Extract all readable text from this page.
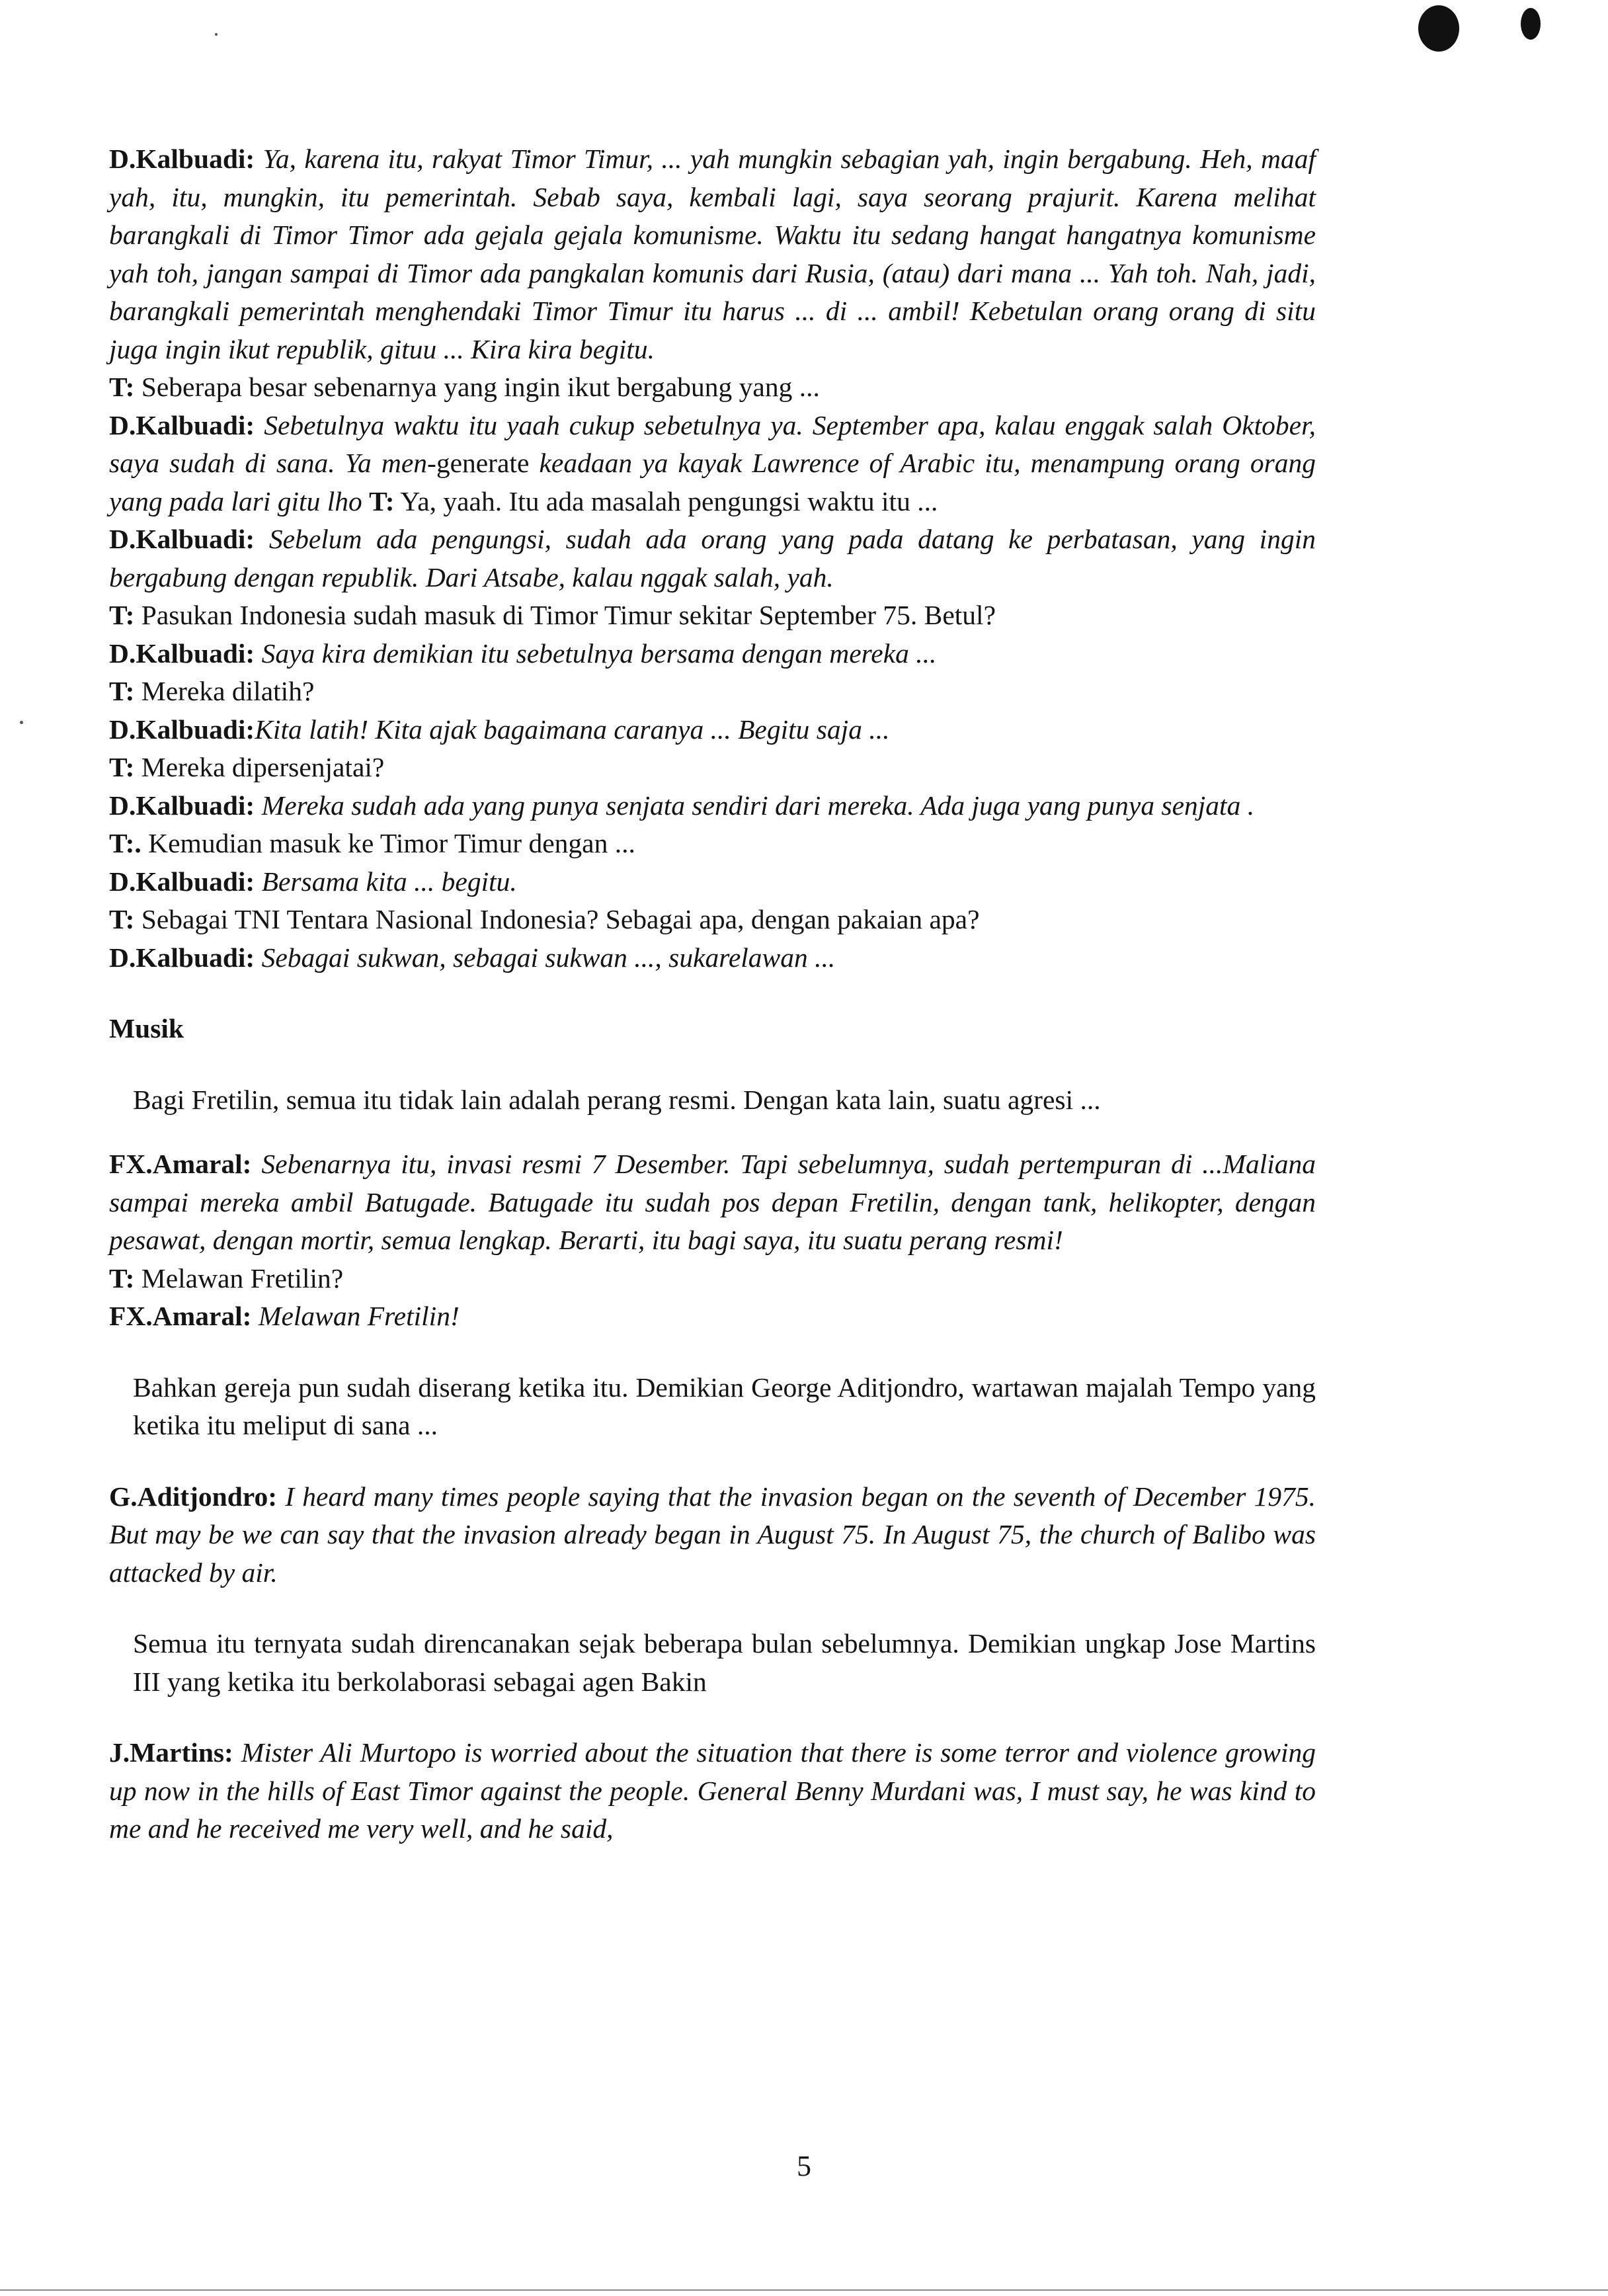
D.Kalbuadi: Ya, karena itu, rakyat Timor Timur, ... yah mungkin sebagian yah, ingin bergabung. Heh, maaf yah, itu, mungkin, itu pemerintah. Sebab saya, kembali lagi, saya seorang prajurit. Karena melihat barangkali di Timor Timor ada gejala gejala komunisme. Waktu itu sedang hangat hangatnya komunisme yah toh, jangan sampai di Timor ada pangkalan komunis dari Rusia, (atau) dari mana ... Yah toh. Nah, jadi, barangkali pemerintah menghendaki Timor Timur itu harus ... di ... ambil! Kebetulan orang orang di situ juga ingin ikut republik, gituu ... Kira kira begitu.

T: Seberapa besar sebenarnya yang ingin ikut bergabung yang ...

D.Kalbuadi: Sebetulnya waktu itu yaah cukup sebetulnya ya. September apa, kalau enggak salah Oktober, saya sudah di sana. Ya men-generate keadaan ya kayak Lawrence of Arabic itu, menampung orang orang yang pada lari gitu lho T: Ya, yaah. Itu ada masalah pengungsi waktu itu ...

D.Kalbuadi: Sebelum ada pengungsi, sudah ada orang yang pada datang ke perbatasan, yang ingin bergabung dengan republik. Dari Atsabe, kalau nggak salah, yah.

T: Pasukan Indonesia sudah masuk di Timor Timur sekitar September 75. Betul?

D.Kalbuadi: Saya kira demikian itu sebetulnya bersama dengan mereka ...

T: Mereka dilatih?

D.Kalbuadi:Kita latih! Kita ajak bagaimana caranya ... Begitu saja ...

T: Mereka dipersenjatai?

D.Kalbuadi: Mereka sudah ada yang punya senjata sendiri dari mereka. Ada juga yang punya senjata .

T:. Kemudian masuk ke Timor Timur dengan ...

D.Kalbuadi: Bersama kita ... begitu.

T: Sebagai TNI Tentara Nasional Indonesia? Sebagai apa, dengan pakaian apa?

D.Kalbuadi: Sebagai sukwan, sebagai sukwan ..., sukarelawan ...

Musik

Bagi Fretilin, semua itu tidak lain adalah perang resmi. Dengan kata lain, suatu agresi ...

FX.Amaral: Sebenarnya itu, invasi resmi 7 Desember. Tapi sebelumnya, sudah pertempuran di ...Maliana sampai mereka ambil Batugade. Batugade itu sudah pos depan Fretilin, dengan tank, helikopter, dengan pesawat, dengan mortir, semua lengkap. Berarti, itu bagi saya, itu suatu perang resmi!

T: Melawan Fretilin?

FX.Amaral: Melawan Fretilin!

Bahkan gereja pun sudah diserang ketika itu. Demikian George Aditjondro, wartawan majalah Tempo yang ketika itu meliput di sana ...

G.Aditjondro: I heard many times people saying that the invasion began on the seventh of December 1975. But may be we can say that the invasion already began in August 75. In August 75, the church of Balibo was attacked by air.

Semua itu ternyata sudah direncanakan sejak beberapa bulan sebelumnya. Demikian ungkap Jose Martins III yang ketika itu berkolaborasi sebagai agen Bakin

J.Martins: Mister Ali Murtopo is worried about the situation that there is some terror and violence growing up now in the hills of East Timor against the people. General Benny Murdani was, I must say, he was kind to me and he received me very well, and he said,

5
